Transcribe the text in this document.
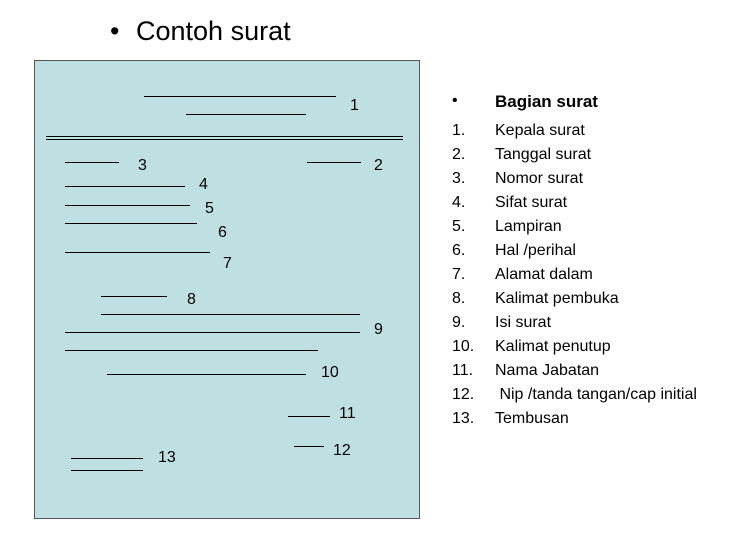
• Contoh surat
1
3	2
4
5
6
7
8
9
10
11
12
13
• Bagian surat
1. Kepala surat
2. Tanggal surat
3. Nomor surat
4. Sifat surat
5. Lampiran
6. Hal /perihal
7. Alamat dalam
8. Kalimat pembuka
9. Isi surat
10. Kalimat penutup
11. Nama Jabatan
12. Nip /tanda tangan/cap initial
13. Tembusan
